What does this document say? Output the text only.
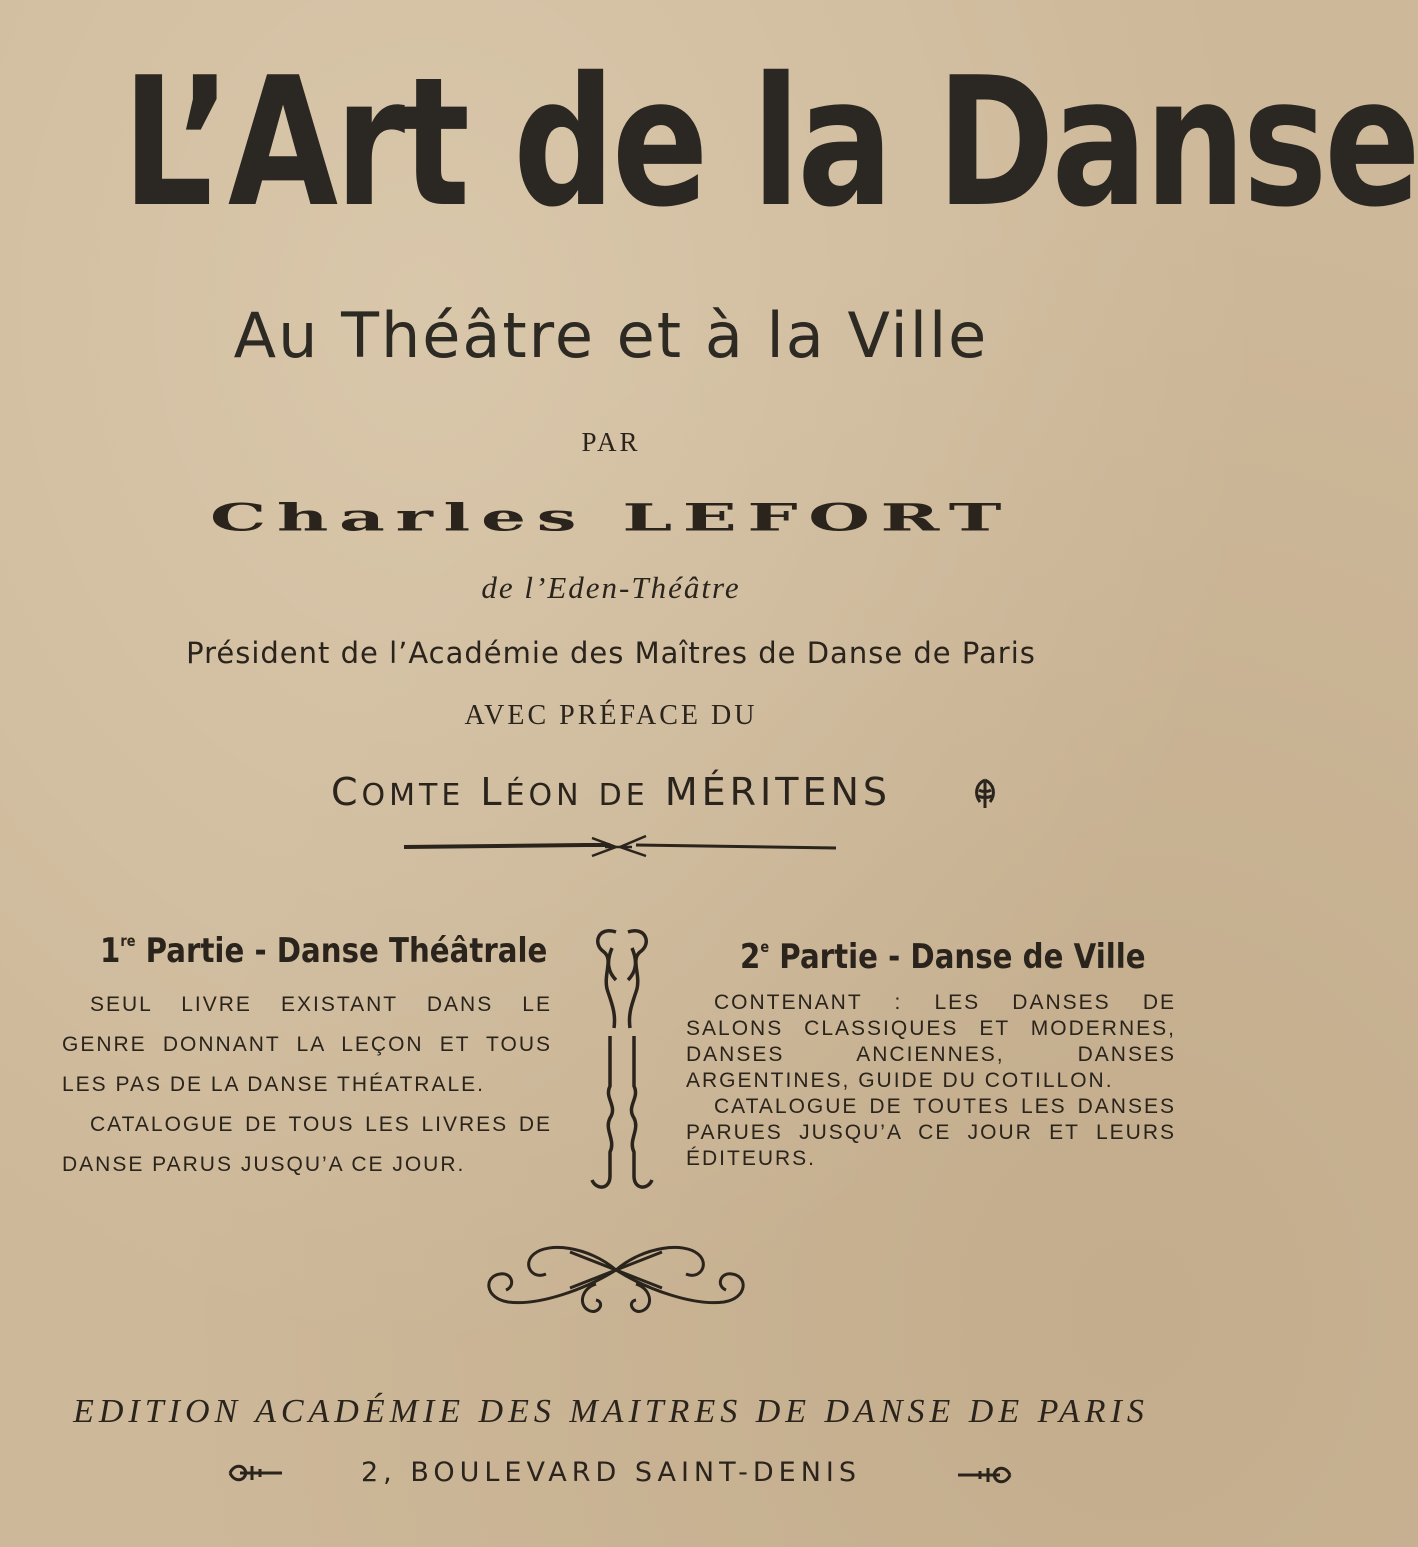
L’Art de la Danse
Au Théâtre et à la Ville
PAR
Charles LEFORT
de l’Eden-Théâtre
Président de l’Académie des Maîtres de Danse de Paris
AVEC PRÉFACE DU
COMTE LÉON DE MÉRITENS
1re Partie - Danse Théâtrale

SEUL LIVRE EXISTANT DANS LE GENRE DONNANT LA LEÇON ET TOUS LES PAS DE LA DANSE THÉATRALE.

CATALOGUE DE TOUS LES LIVRES DE DANSE PARUS JUSQU’A CE JOUR.

2e Partie - Danse de Ville

CONTENANT : LES DANSES DE SALONS CLASSIQUES ET MODERNES, DANSES ANCIENNES, DANSES ARGENTINES, GUIDE DU COTILLON.

CATALOGUE DE TOUTES LES DANSES PARUES JUSQU’A CE JOUR ET LEURS ÉDITEURS.

EDITION ACADÉMIE DES MAITRES DE DANSE DE PARIS
2, BOULEVARD SAINT-DENIS
